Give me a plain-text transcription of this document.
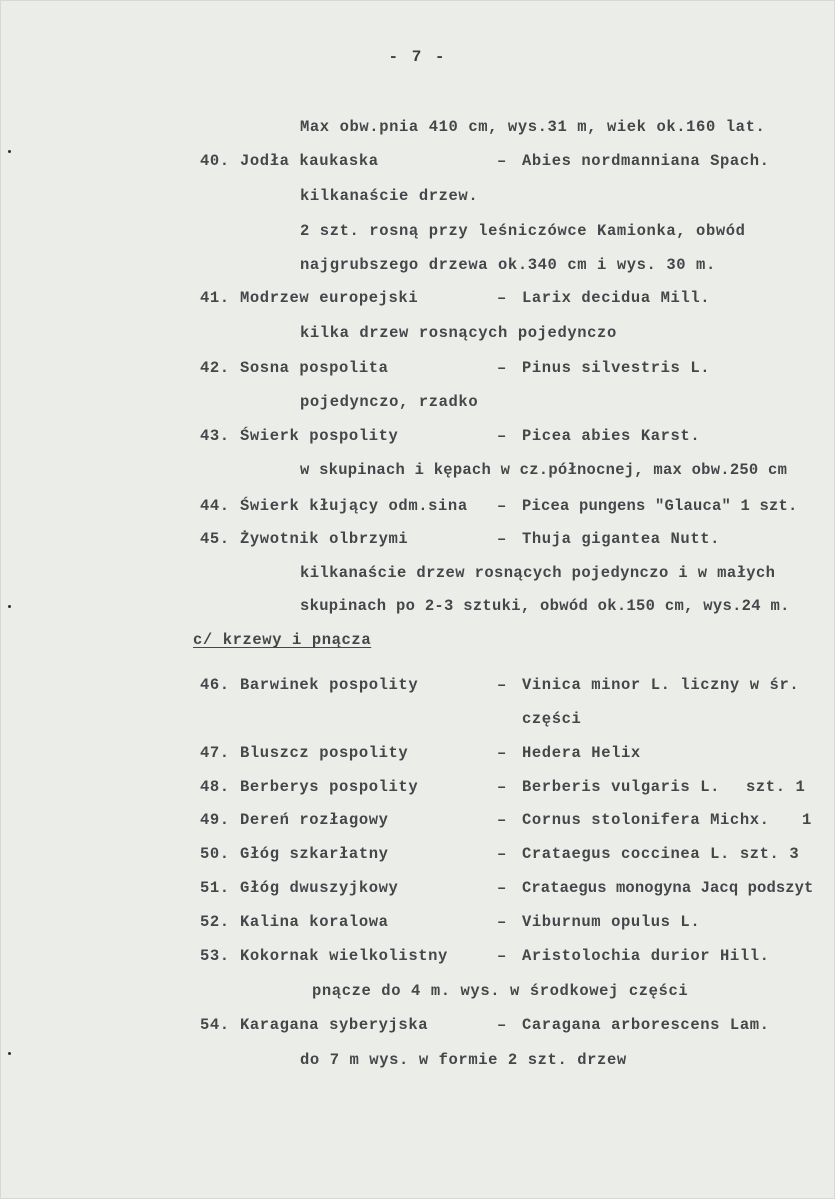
- 7 -
Max obw.pnia 410 cm, wys.31 m, wiek ok.160 lat.
40. Jodła kaukaska	– Abies nordmanniana Spach.
kilkanaście drzew.
2 szt. rosną przy leśniczówce Kamionka, obwód
najgrubszego drzewa ok.340 cm i wys. 30 m.
41. Modrzew europejski	– Larix decidua Mill.
kilka drzew rosnących pojedynczo
42. Sosna pospolita	– Pinus silvestris L.
pojedynczo, rzadko
43. Świerk pospolity	– Picea abies Karst.
w skupinach i kępach w cz.północnej, max obw.250 cm
44. Świerk kłujący odm.sina – Picea pungens "Glauca" 1 szt.
45. Żywotnik olbrzymi	– Thuja gigantea Nutt.
kilkanaście drzew rosnących pojedynczo i w małych
skupinach po 2-3 sztuki, obwód ok.150 cm, wys.24 m.
c/ krzewy i pnącza
46. Barwinek pospolity	– Vinica minor L. liczny w śr.
części
47. Bluszcz pospolity	– Hedera Helix
48. Berberys pospolity	– Berberis vulgaris L. szt. 1
49. Dereń rozłagowy	– Cornus stolonifera Michx. 1
50. Głóg szkarłatny	– Crataegus coccinea L. szt. 3
51. Głóg dwuszyjkowy	– Crataegus monogyna Jacq podszyt
52. Kalina koralowa	– Viburnum opulus L.
53. Kokornak wielkolistny	– Aristolochia durior Hill.
pnącze do 4 m. wys. w środkowej części
54. Karagana syberyjska	– Caragana arborescens Lam.
do 7 m wys. w formie 2 szt. drzew
